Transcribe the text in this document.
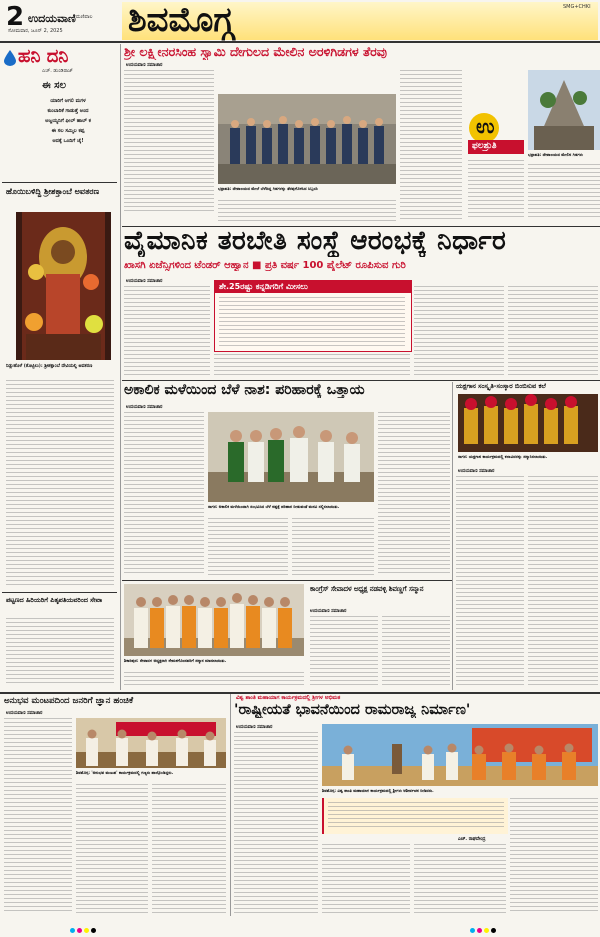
2 ಉದಯವಾಣಿ ಮಣಿಪಾಲ
ಸೋಮವಾರ, ಜೂನ್ 2, 2025 ಶಿವಮೊಗ್ಗ	SMG+CHKI
ಹನಿ ದನಿ
ಎಚ್. ಡುಂಡಿರಾಜ್
ಈ ಸಲ
ಯಾರಿಗೆ ಆಗಲಿ ಮಗಳ
ಕುಂಬಾರಿಕೆ ಗಾಡುತ್ತೆ ಅಂದ
ಅಜ್ಜಯ್ಯನಿಗೆ ಫೀಲ್ ಹಾಲ್ ಕ
ಈ ಸಲ ಸಮ್ಮಿಲ ಕಪ್ಪ
ಅದಕ್ಕೆ ಒಂದಿಗೆ ಜೈ!
ಹೊಯಿಬಳಿದ್ದಿ ಶ್ರೀಶಕ್ತಾಂಬೆ ಅವತರಣ
ನಿಡ್ಲುಹೊಳೆ (ತೊಟ್ಟಿಲು): ಶ್ರೀಶಕ್ತಾಂಬೆ ದೇವಿಯಲ್ಲಿ ಅವತರಣ
ಪಟ್ಟಣದ ಹಿರಿಯರಿಗೆ ಪಿತೃಪತಿಯವರಿಂದ ಸೇವಾ
ಶ್ರೀ ಲಕ್ಷ್ಮೀನರಸಿಂಹ ಸ್ವಾಮಿ ದೇಗುಲದ ಮೇಲಿನ ಅರಳಿಗಿಡಗಳ ತೆರವು
ಉದಯವಾಣಿ ಸಮಾಚಾರ
ಭದ್ರಾವತಿ: ದೇವಾಲಯದ ಮೇಲೆ ಬೆಳೆದಿದ್ದ ಗಿಡಗಳನ್ನು ತೆರವುಗೊಳಿಸಿದ ಸಿಬ್ಬಂದಿ
ಉ
ಫಲಶ್ರುತಿ
ಭದ್ರಾವತಿ: ದೇವಾಲಯದ ಮೇಲಿನ ಗಿಡಗಳು
ವೈಮಾನಿಕ ತರಬೇತಿ ಸಂಸ್ಥೆ ಆರಂಭಕ್ಕೆ ನಿರ್ಧಾರ
ಖಾಸಗಿ ಏಜೆನ್ಸಿಗಳಿಂದ ಟೆಂಡರ್ ಆಹ್ವಾನ ■ ಪ್ರತಿ ವರ್ಷ 100 ಪೈಲೆಟ್ ರೂಪಿಸುವ ಗುರಿ
ಉದಯವಾಣಿ ಸಮಾಚಾರ
ಶೇ.25ರಷ್ಟು ಕನ್ನಡಿಗರಿಗೆ ಮೀಸಲು
ಅಕಾಲಿಕ ಮಳೆಯಿಂದ ಬೆಳೆ ನಾಶ: ಪರಿಹಾರಕ್ಕೆ ಒತ್ತಾಯ
ಉದಯವಾಣಿ ಸಮಾಚಾರ
ಸಾಗರ: ಅಕಾಲಿಕ ಮಳೆಯಿಂದಾಗಿ ಸಂಭವಿಸಿದ ಬೆಳೆ ನಷ್ಟಕ್ಕೆ ಪರಿಹಾರ ನೀಡುವಂತೆ ಮನವಿ ಸಲ್ಲಿಸಲಾಯಿತು.
ಯಕ್ಷಗಾನ ಸಂಸ್ಕೃತಿ-ಸಂಸ್ಕಾರ ಬಿಂಬಿಸುವ ಕಲೆ
ಸಾಗರ: ಯಕ್ಷಗಾನ ಕಾರ್ಯಕ್ರಮದಲ್ಲಿ ಕಲಾವಿದರನ್ನು ಸನ್ಮಾನಿಸಲಾಯಿತು.
ಉದಯವಾಣಿ ಸಮಾಚಾರ
ಶಿಕಾರಿಪುರ: ಸೇವಾದಳ ಅಧ್ಯಕ್ಷರಾಗಿ ನೇಮಕಗೊಂಡವರಿಗೆ ಸನ್ಮಾನ ಮಾಡಲಾಯಿತು.
ಕಾಂಗ್ರೆಸ್ ಸೇವಾದಳ ಅಧ್ಯಕ್ಷ ನಡವಳ್ಳಿ ಶಿವಣ್ಣಗೆ ಸನ್ಮಾನ
ಉದಯವಾಣಿ ಸಮಾಚಾರ
ಅನುಭವ ಮಂಟಪದಿಂದ ಜನರಿಗೆ ಜ್ಞಾನ ಹಂಚಿಕೆ
ಉದಯವಾಣಿ ಸಮಾಚಾರ
ಶಿವಮೊಗ್ಗ: 'ಅನುಭವ ಮಂಟಪ' ಕಾರ್ಯಕ್ರಮದಲ್ಲಿ ಗಣ್ಯರು ಪಾಲ್ಗೊಂಡಿದ್ದರು.
ವಿಶ್ವ ಶಾಂತಿ ಮಹಾಯಾಗ ಕಾರ್ಯಕ್ರಮದಲ್ಲಿ ಶ್ರೀಗಳ ಅಭಿಮತ
'ರಾಷ್ಟ್ರೀಯತೆ ಭಾವನೆಯಿಂದ ರಾಮರಾಜ್ಯ ನಿರ್ಮಾಣ'
ಉದಯವಾಣಿ ಸಮಾಚಾರ
ಶಿವಮೊಗ್ಗ: ವಿಶ್ವ ಶಾಂತಿ ಮಹಾಯಾಗ ಕಾರ್ಯಕ್ರಮದಲ್ಲಿ ಶ್ರೀಗಳು ಆಶೀರ್ವಚನ ನೀಡಿದರು.
ಎಚ್. ರಾಘವೇಂದ್ರ
